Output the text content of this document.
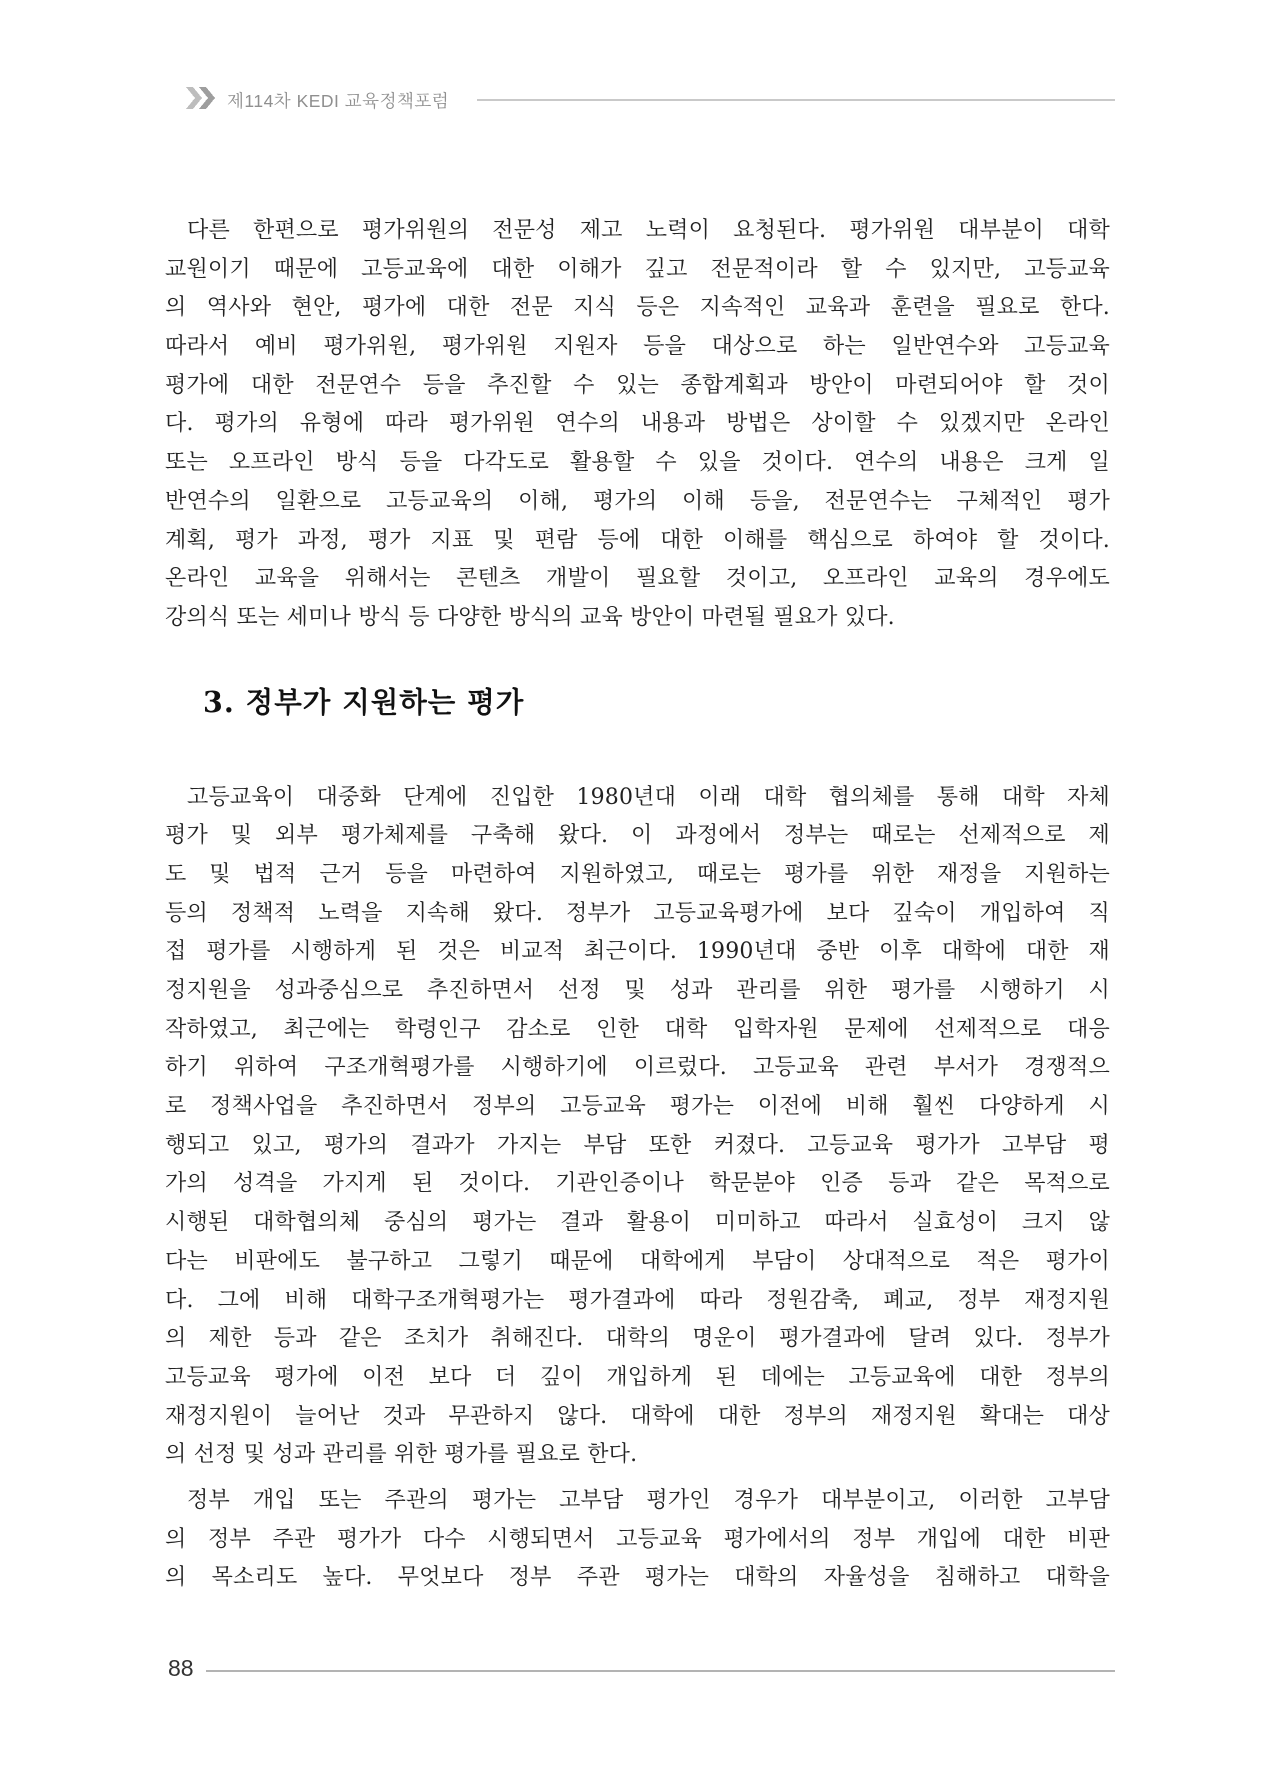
제114차 KEDI 교육정책포럼
다른 한편으로 평가위원의 전문성 제고 노력이 요청된다. 평가위원 대부분이 대학
교원이기 때문에 고등교육에 대한 이해가 깊고 전문적이라 할 수 있지만, 고등교육
의 역사와 현안, 평가에 대한 전문 지식 등은 지속적인 교육과 훈련을 필요로 한다.
따라서 예비 평가위원, 평가위원 지원자 등을 대상으로 하는 일반연수와 고등교육
평가에 대한 전문연수 등을 추진할 수 있는 종합계획과 방안이 마련되어야 할 것이
다. 평가의 유형에 따라 평가위원 연수의 내용과 방법은 상이할 수 있겠지만 온라인
또는 오프라인 방식 등을 다각도로 활용할 수 있을 것이다. 연수의 내용은 크게 일
반연수의 일환으로 고등교육의 이해, 평가의 이해 등을, 전문연수는 구체적인 평가
계획, 평가 과정, 평가 지표 및 편람 등에 대한 이해를 핵심으로 하여야 할 것이다.
온라인 교육을 위해서는 콘텐츠 개발이 필요할 것이고, 오프라인 교육의 경우에도
강의식 또는 세미나 방식 등 다양한 방식의 교육 방안이 마련될 필요가 있다.
3. 정부가 지원하는 평가
고등교육이 대중화 단계에 진입한 1980년대 이래 대학 협의체를 통해 대학 자체
평가 및 외부 평가체제를 구축해 왔다. 이 과정에서 정부는 때로는 선제적으로 제
도 및 법적 근거 등을 마련하여 지원하였고, 때로는 평가를 위한 재정을 지원하는
등의 정책적 노력을 지속해 왔다. 정부가 고등교육평가에 보다 깊숙이 개입하여 직
접 평가를 시행하게 된 것은 비교적 최근이다. 1990년대 중반 이후 대학에 대한 재
정지원을 성과중심으로 추진하면서 선정 및 성과 관리를 위한 평가를 시행하기 시
작하였고, 최근에는 학령인구 감소로 인한 대학 입학자원 문제에 선제적으로 대응
하기 위하여 구조개혁평가를 시행하기에 이르렀다. 고등교육 관련 부서가 경쟁적으
로 정책사업을 추진하면서 정부의 고등교육 평가는 이전에 비해 훨씬 다양하게 시
행되고 있고, 평가의 결과가 가지는 부담 또한 커졌다. 고등교육 평가가 고부담 평
가의 성격을 가지게 된 것이다. 기관인증이나 학문분야 인증 등과 같은 목적으로
시행된 대학협의체 중심의 평가는 결과 활용이 미미하고 따라서 실효성이 크지 않
다는 비판에도 불구하고 그렇기 때문에 대학에게 부담이 상대적으로 적은 평가이
다. 그에 비해 대학구조개혁평가는 평가결과에 따라 정원감축, 폐교, 정부 재정지원
의 제한 등과 같은 조치가 취해진다. 대학의 명운이 평가결과에 달려 있다. 정부가
고등교육 평가에 이전 보다 더 깊이 개입하게 된 데에는 고등교육에 대한 정부의
재정지원이 늘어난 것과 무관하지 않다. 대학에 대한 정부의 재정지원 확대는 대상
의 선정 및 성과 관리를 위한 평가를 필요로 한다.
정부 개입 또는 주관의 평가는 고부담 평가인 경우가 대부분이고, 이러한 고부담
의 정부 주관 평가가 다수 시행되면서 고등교육 평가에서의 정부 개입에 대한 비판
의 목소리도 높다. 무엇보다 정부 주관 평가는 대학의 자율성을 침해하고 대학을
88
